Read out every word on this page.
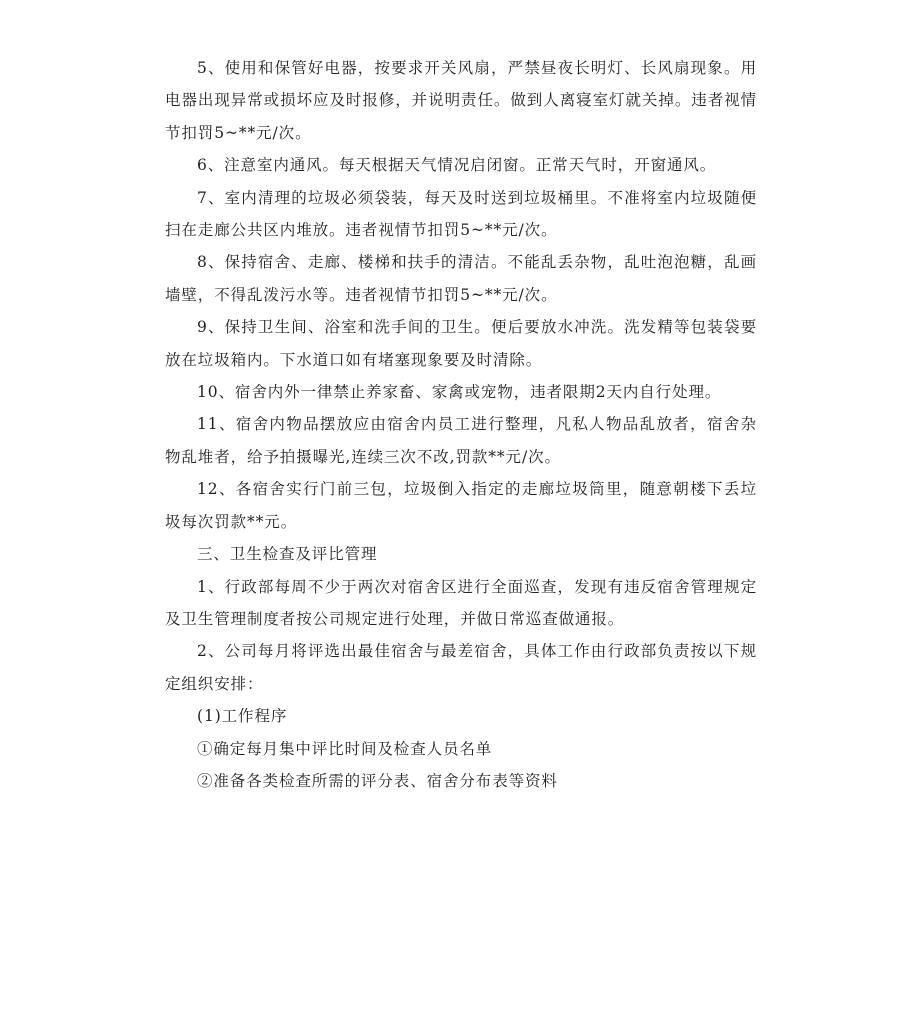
5、使用和保管好电器，按要求开关风扇，严禁昼夜长明灯、长风扇现象。用电器出现异常或损坏应及时报修，并说明责任。做到人离寝室灯就关掉。违者视情节扣罚5~**元/次。

6、注意室内通风。每天根据天气情况启闭窗。正常天气时，开窗通风。

7、室内清理的垃圾必须袋装，每天及时送到垃圾桶里。不准将室内垃圾随便扫在走廊公共区内堆放。违者视情节扣罚5~**元/次。

8、保持宿舍、走廊、楼梯和扶手的清洁。不能乱丢杂物，乱吐泡泡糖，乱画墙壁，不得乱泼污水等。违者视情节扣罚5~**元/次。

9、保持卫生间、浴室和洗手间的卫生。便后要放水冲洗。洗发精等包装袋要放在垃圾箱内。下水道口如有堵塞现象要及时清除。

10、宿舍内外一律禁止养家畜、家禽或宠物，违者限期2天内自行处理。

11、宿舍内物品摆放应由宿舍内员工进行整理，凡私人物品乱放者，宿舍杂物乱堆者，给予拍摄曝光,连续三次不改,罚款**元/次。

12、各宿舍实行门前三包，垃圾倒入指定的走廊垃圾筒里，随意朝楼下丢垃圾每次罚款**元。

三、卫生检查及评比管理

1、行政部每周不少于两次对宿舍区进行全面巡查，发现有违反宿舍管理规定及卫生管理制度者按公司规定进行处理，并做日常巡查做通报。

2、公司每月将评选出最佳宿舍与最差宿舍，具体工作由行政部负责按以下规定组织安排：

(1)工作程序

①确定每月集中评比时间及检查人员名单

②准备各类检查所需的评分表、宿舍分布表等资料
